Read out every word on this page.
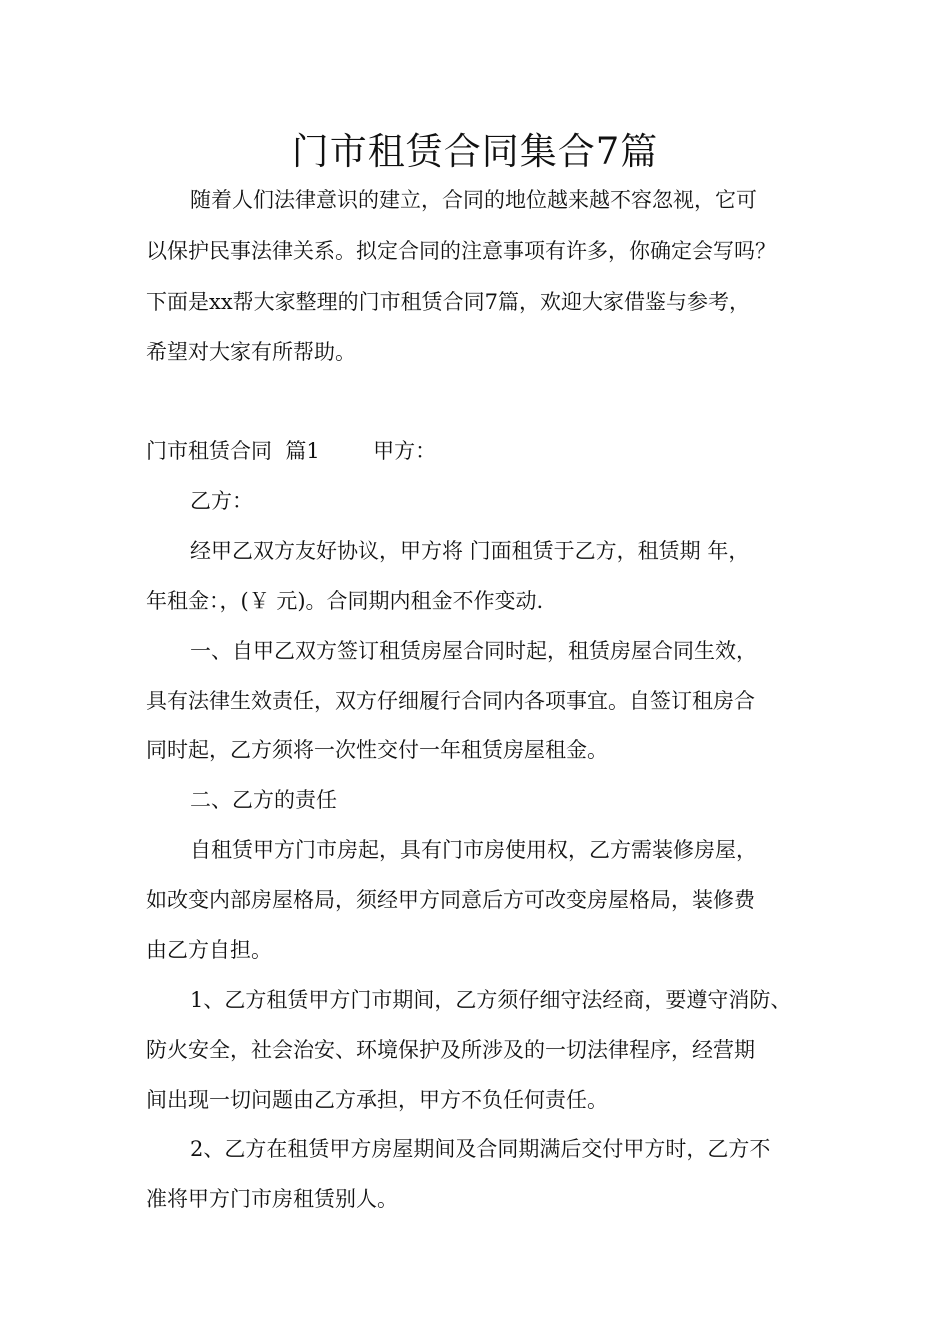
门市租赁合同集合7篇
随着人们法律意识的建立，合同的地位越来越不容忽视，它可
以保护民事法律关系。拟定合同的注意事项有许多，你确定会写吗？
下面是xx帮大家整理的门市租赁合同7篇，欢迎大家借鉴与参考，
希望对大家有所帮助。
门市租赁合同  篇1        甲方：
乙方：
经甲乙双方友好协议，甲方将 门面租赁于乙方，租赁期 年，
年租金：，(￥ 元)。合同期内租金不作变动.
一、自甲乙双方签订租赁房屋合同时起，租赁房屋合同生效，
具有法律生效责任，双方仔细履行合同内各项事宜。自签订租房合
同时起，乙方须将一次性交付一年租赁房屋租金。
二、乙方的责任
自租赁甲方门市房起，具有门市房使用权，乙方需装修房屋，
如改变内部房屋格局，须经甲方同意后方可改变房屋格局，装修费
由乙方自担。
1、乙方租赁甲方门市期间，乙方须仔细守法经商，要遵守消防、
防火安全，社会治安、环境保护及所涉及的一切法律程序，经营期
间出现一切问题由乙方承担，甲方不负任何责任。
2、乙方在租赁甲方房屋期间及合同期满后交付甲方时，乙方不
准将甲方门市房租赁别人。
